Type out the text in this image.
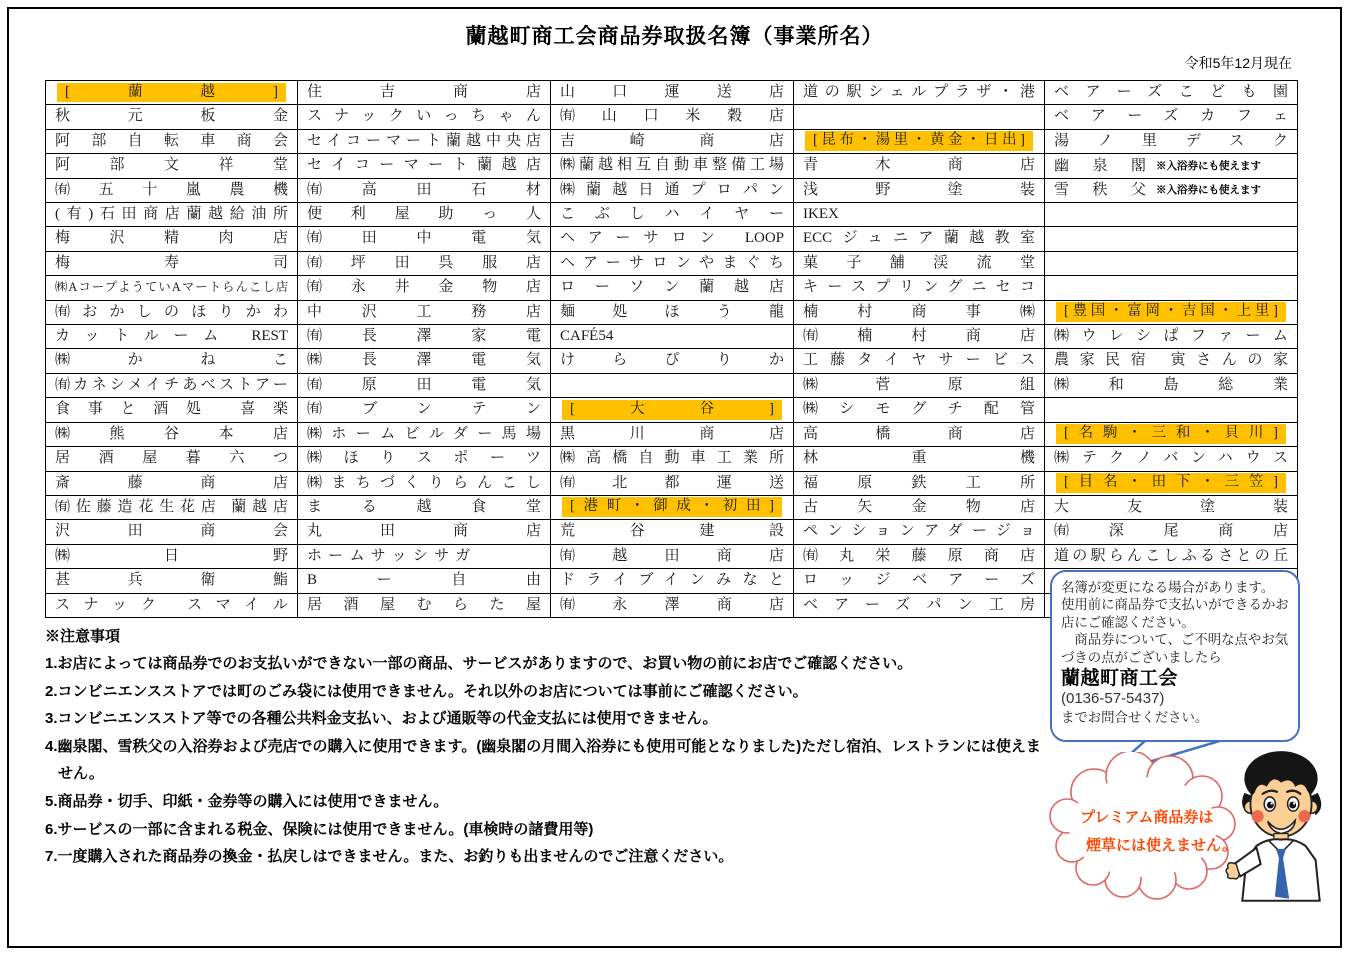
蘭越町商工会商品券取扱名簿（事業所名）
令和5年12月現在
[蘭越]
秋元板金
阿部自転車商会
阿部文祥堂
㈲五十嵐農機
(有)石田商店蘭越給油所
梅沢精肉店
梅寿司
㈱AコープようていAマートらんこし店
㈲おかしのほりかわ
カットルーム REST
㈱かねこ
㈲カネシメイチあべストアー
食事と酒処 喜楽
㈱熊谷本店
居酒屋暮六つ
斎藤商店
㈲佐藤造花生花店 蘭越店
沢田商会
㈱日野
甚兵衛鮨
スナック スマイル
住吉商店
スナックいっちゃん
セイコーマート蘭越中央店
セイコーマート蘭越店
㈲高田石材
便利屋助っ人
㈲田中電気
㈲坪田呉服店
㈲永井金物店
中沢工務店
㈲長澤家電
㈱長澤電気
㈲原田電気
㈲ブンテン
㈱ホームビルダー馬場
㈱ほりスポーツ
㈱まちづくりらんこし
まる越食堂
丸田商店
ホームサッシサガ
Bー自由
居酒屋むらた屋
山口運送店
㈲山口米穀店
吉崎商店
㈱蘭越相互自動車整備工場
㈱蘭越日通プロパン
こぶしハイヤー
ヘアーサロン LOOP
ヘアーサロンやまぐち
ローソン蘭越店
麺処ほう龍
CAFÉ54
けらぴりか
[大谷]
黒川商店
㈱高橋自動車工業所
㈲北都運送
[港町・御成・初田]
荒谷建設
㈲越田商店
ドライブインみなと
㈲永澤商店
道の駅シェルプラザ・港
[昆布・湯里・黄金・日出]
青木商店
浅野塗装
IKEX
ECCジュニア蘭越教室
菓子舗渓流堂
キースプリングニセコ
楠村商事㈱
㈲楠村商店
工藤タイヤサービス
㈱菅原組
㈱シモグチ配管
高橋商店
林重機
福原鉄工所
古矢金物店
ペンションアダージョ
㈲丸栄藤原商店
ロッジベアーズ
ベアーズパン工房
ベアーズこども園
ベアーズカフェ
湯ノ里デスク
幽泉閣 ※入浴券にも使えます
雪秩父 ※入浴券にも使えます
[豊国・富岡・吉国・上里]
㈱ウレシぱファーム
農家民宿 寅さんの家
㈱和島総業
[名駒・三和・貝川]
㈱テクノバンハウス
[目名・田下・三笠]
大友塗装
㈲深尾商店
道の駅らんこしふるさとの丘
※注意事項
1.お店によっては商品券でのお支払いができない一部の商品、サービスがありますので、お買い物の前にお店でご確認ください。
2.コンビニエンスストアでは町のごみ袋には使用できません。それ以外のお店については事前にご確認ください。
3.コンビニエンスストア等での各種公共料金支払い、および通販等の代金支払には使用できません。
4.幽泉閣、雪秩父の入浴券および売店での購入に使用できます。(幽泉閣の月間入浴券にも使用可能となりました)ただし宿泊、レストランには使えま
せん。
5.商品券・切手、印紙・金券等の購入には使用できません。
6.サービスの一部に含まれる税金、保険には使用できません。(車検時の諸費用等)
7.一度購入された商品券の換金・払戻しはできません。また、お釣りも出ませんのでご注意ください。
名簿が変更になる場合があります。
使用前に商品券で支払いができるかお店にご確認ください。
　商品券について、ご不明な点やお気づきの点がございましたら
蘭越町商工会
(0136-57-5437)
までお問合せください。
プレミアム商品券は
煙草には使えません。
